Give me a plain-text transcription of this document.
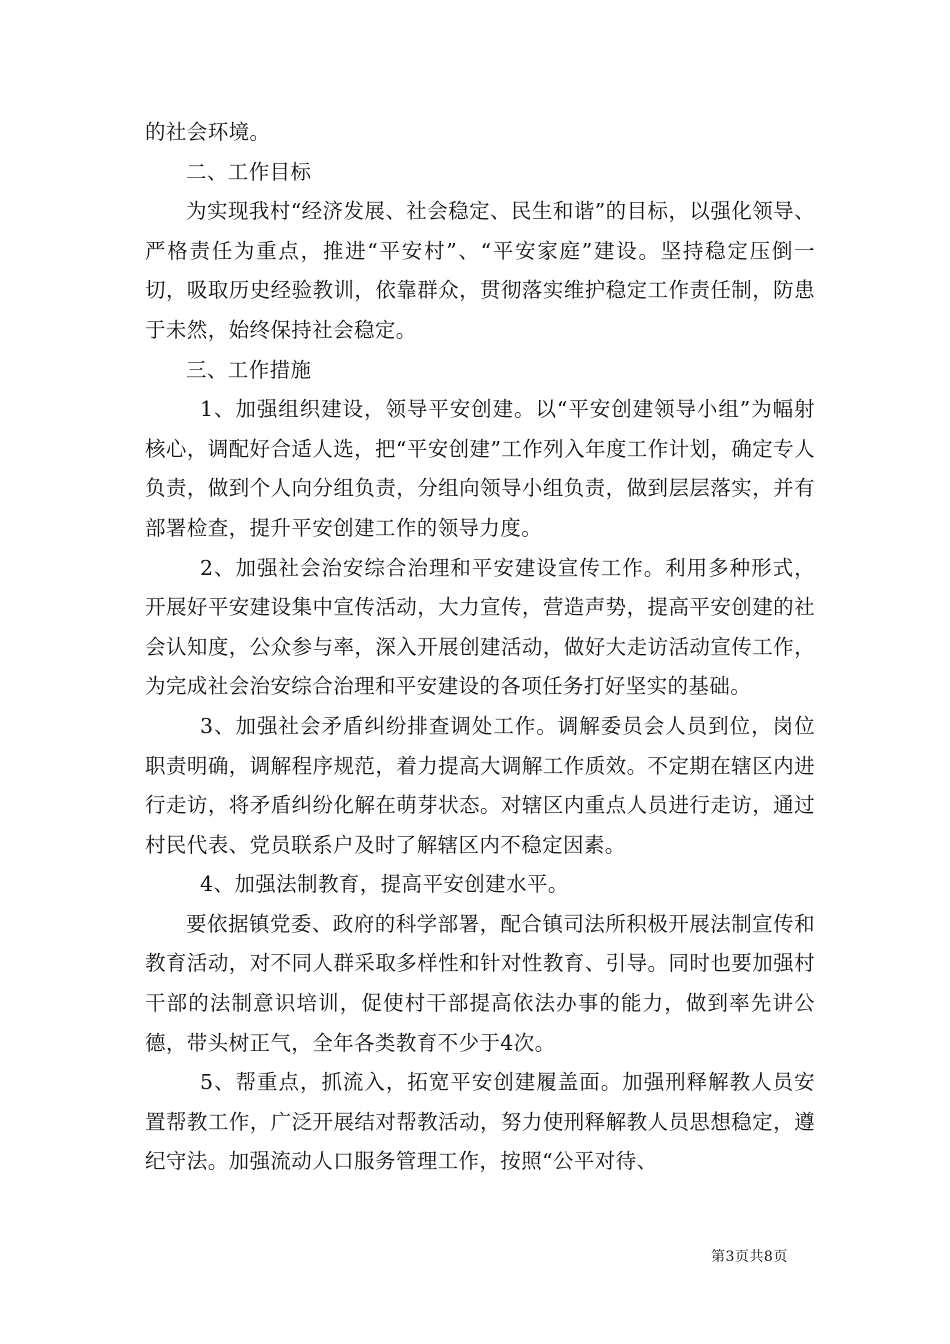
的社会环境。

二、工作目标

为实现我村“经济发展、社会稳定、民生和谐”的目标，以强化领导、严格责任为重点，推进“平安村”、“平安家庭”建设。坚持稳定压倒一切，吸取历史经验教训，依靠群众，贯彻落实维护稳定工作责任制，防患于未然，始终保持社会稳定。

三、工作措施

1、加强组织建设，领导平安创建。以“平安创建领导小组”为幅射核心，调配好合适人选，把“平安创建”工作列入年度工作计划，确定专人负责，做到个人向分组负责，分组向领导小组负责，做到层层落实，并有部署检查，提升平安创建工作的领导力度。

2、加强社会治安综合治理和平安建设宣传工作。利用多种形式，开展好平安建设集中宣传活动，大力宣传，营造声势，提高平安创建的社会认知度，公众参与率，深入开展创建活动，做好大走访活动宣传工作，为完成社会治安综合治理和平安建设的各项任务打好坚实的基础。

3、加强社会矛盾纠纷排查调处工作。调解委员会人员到位，岗位职责明确，调解程序规范，着力提高大调解工作质效。不定期在辖区内进行走访，将矛盾纠纷化解在萌芽状态。对辖区内重点人员进行走访，通过村民代表、党员联系户及时了解辖区内不稳定因素。

4、加强法制教育，提高平安创建水平。

要依据镇党委、政府的科学部署，配合镇司法所积极开展法制宣传和教育活动，对不同人群采取多样性和针对性教育、引导。同时也要加强村干部的法制意识培训，促使村干部提高依法办事的能力，做到率先讲公德，带头树正气，全年各类教育不少于4次。

5、帮重点，抓流入，拓宽平安创建履盖面。加强刑释解教人员安置帮教工作，广泛开展结对帮教活动，努力使刑释解教人员思想稳定，遵纪守法。加强流动人口服务管理工作，按照“公平对待、

第3页共8页
